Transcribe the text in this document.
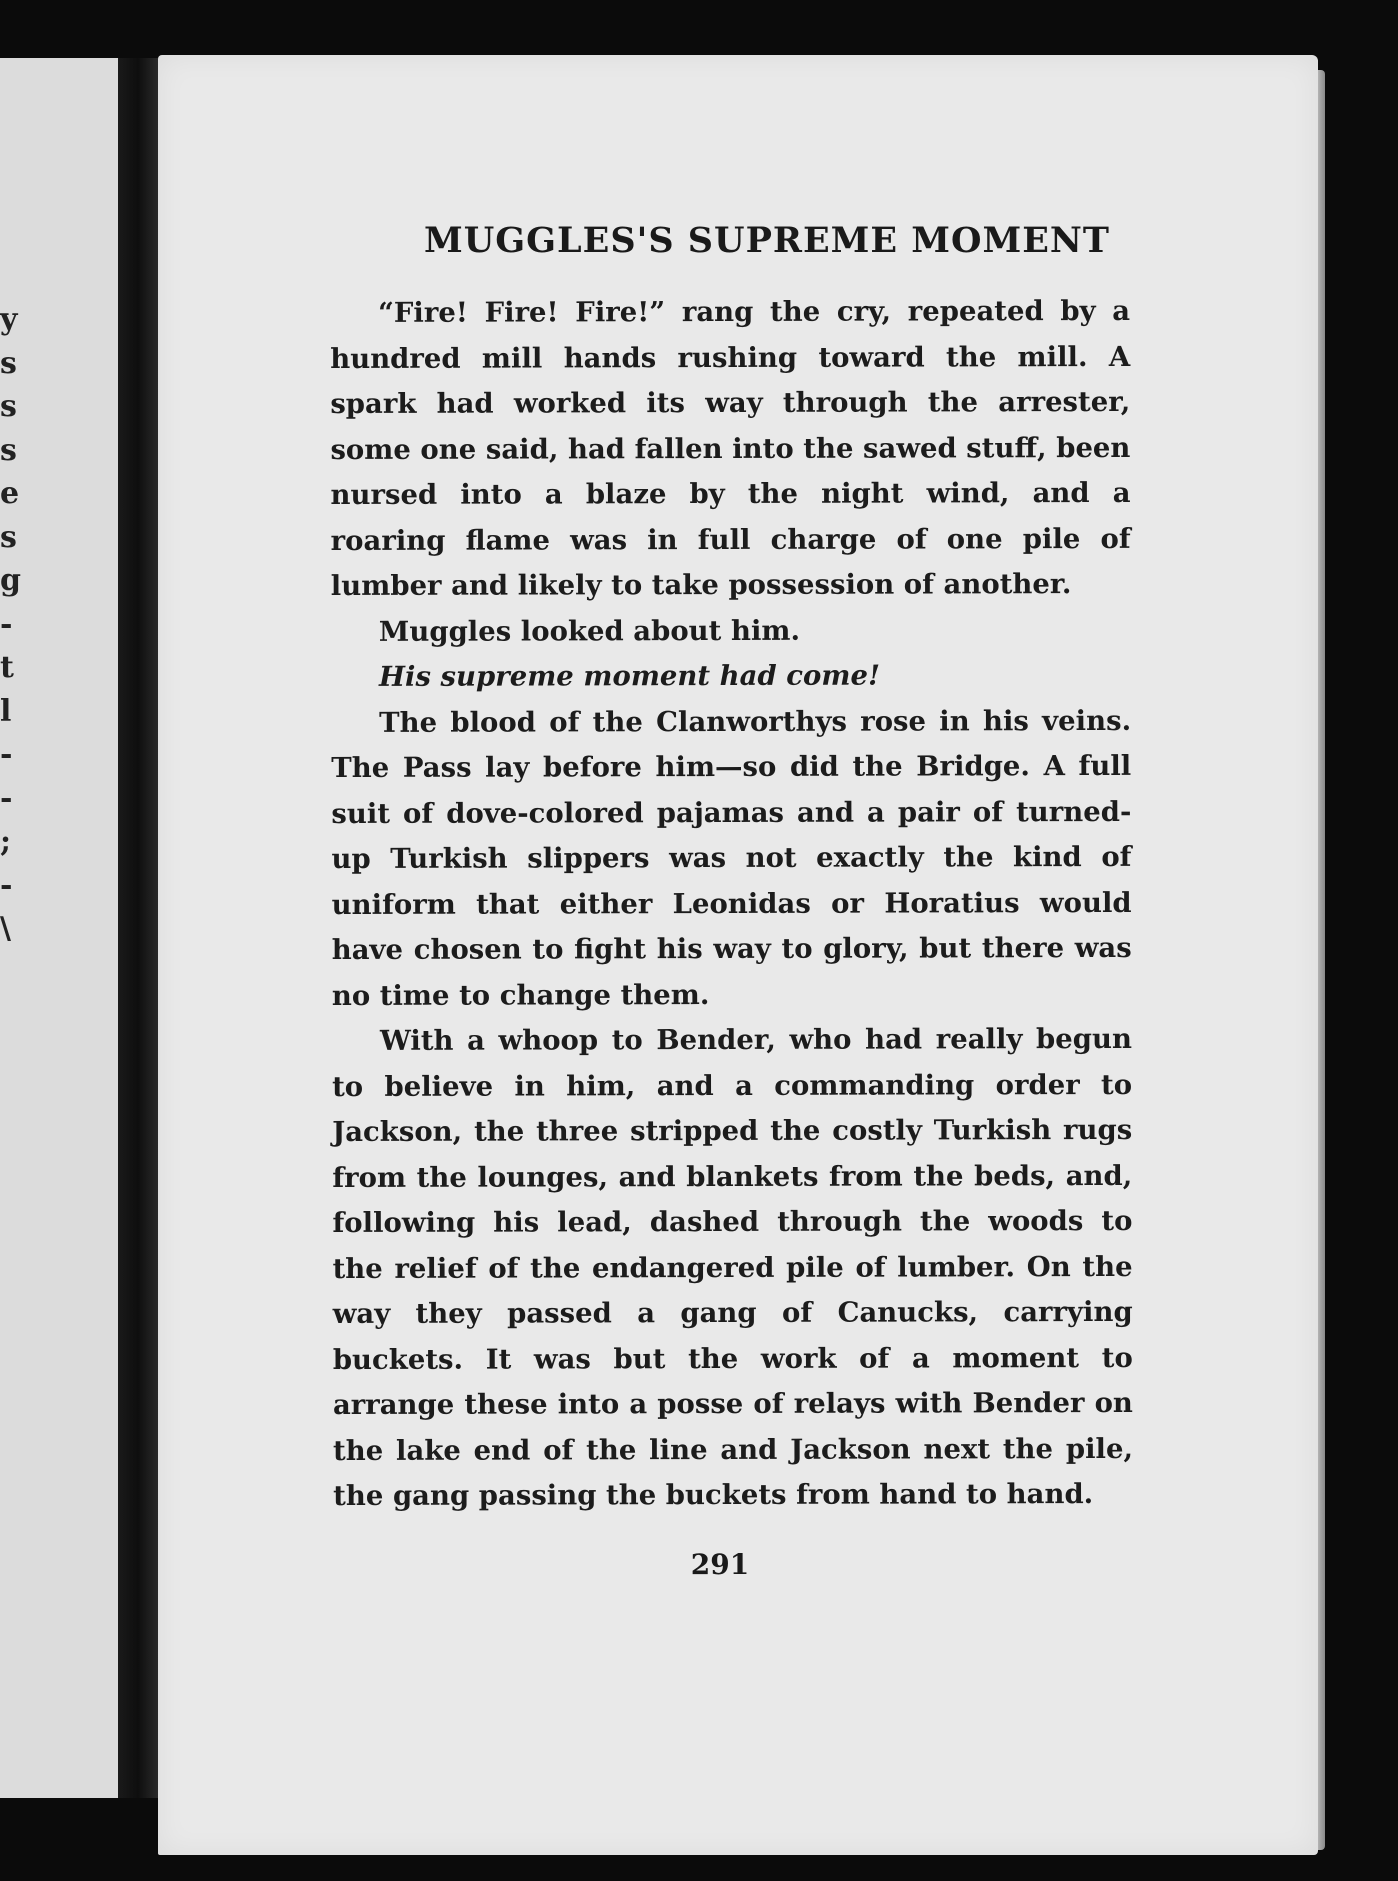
y
s
s
s
e
s
g
-
t
l
-
-
;
-
\
MUGGLES'S SUPREME MOMENT

“Fire! Fire! Fire!” rang the cry, repeated by a hundred mill hands rushing toward the mill. A spark had worked its way through the arrester, some one said, had fallen into the sawed stuff, been nursed into a blaze by the night wind, and a roaring flame was in full charge of one pile of lumber and likely to take possession of another.

Muggles looked about him.

His supreme moment had come!

The blood of the Clanworthys rose in his veins. The Pass lay before him—so did the Bridge. A full suit of dove-colored pajamas and a pair of turned-up Turkish slippers was not exactly the kind of uniform that either Leonidas or Horatius would have chosen to fight his way to glory, but there was no time to change them.

With a whoop to Bender, who had really begun to believe in him, and a commanding order to Jackson, the three stripped the costly Turkish rugs from the lounges, and blankets from the beds, and, following his lead, dashed through the woods to the relief of the endangered pile of lumber. On the way they passed a gang of Canucks, carrying buckets. It was but the work of a moment to arrange these into a posse of relays with Bender on the lake end of the line and Jackson next the pile, the gang passing the buckets from hand to hand.

291
